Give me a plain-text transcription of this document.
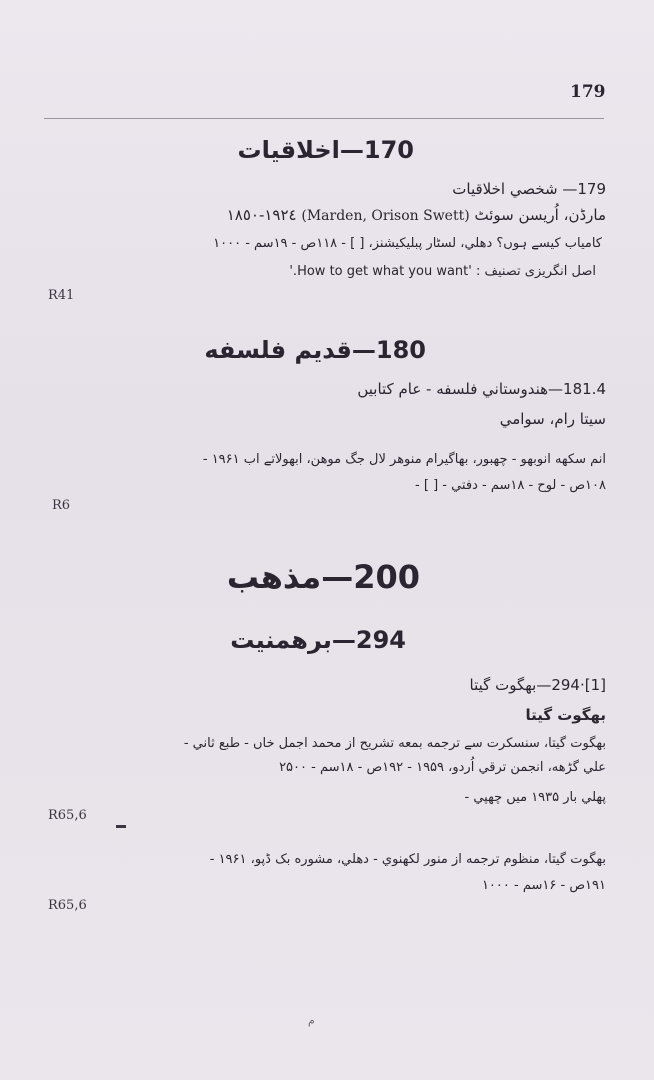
179
170—اخلاقیات
179— شخصي اخلاقيات
مارڈن، اُریسن سوئٹ (Marden, Orison Swett) ١٩٢٤-١٨٥٠
کامیاب کیسے ہوں؟ دهلي، لسٹار پبلیکیشنز، [ ] - ۱۱۸ص - ۱۹سم - ۱۰۰۰
اصل انگریزی تصنیف : 'How to get what you want.'
R41
180—قدیم فلسفه
181.4—هندوستاني فلسفه - عام کتابیں
سیتا رام، سوامي
انم سکهه انوبهو - چهبور، بهاگیرام منوهر لال جگ موهن، ابهولاتے اب ۱۹۶۱ -
۱۰۸ص - لوح - ۱۸سم - دفتي - [ ] -
R6
200—مذهب
294—برهمنیت
[1]·294—بهگوت گیتا
بهگوت گیتا
بهگوت گیتا، سنسکرت سے ترجمه بمعه تشریح از محمد اجمل خاں - طبع ثاني -
علي گڑهه، انجمن ترقي اُردو، ۱۹۵۹ - ۱۹۲ص - ۱۸سم - ۲۵۰۰
پهلي بار ۱۹۳۵ میں چهپي -
R65,6
بهگوت گیتا، منظوم ترجمه از منور لکهنوي - دهلي، مشوره بک ڈپو، ۱۹۶۱ -
۱۹۱ص - ۱۶سم - ۱۰۰۰
R65,6
م
